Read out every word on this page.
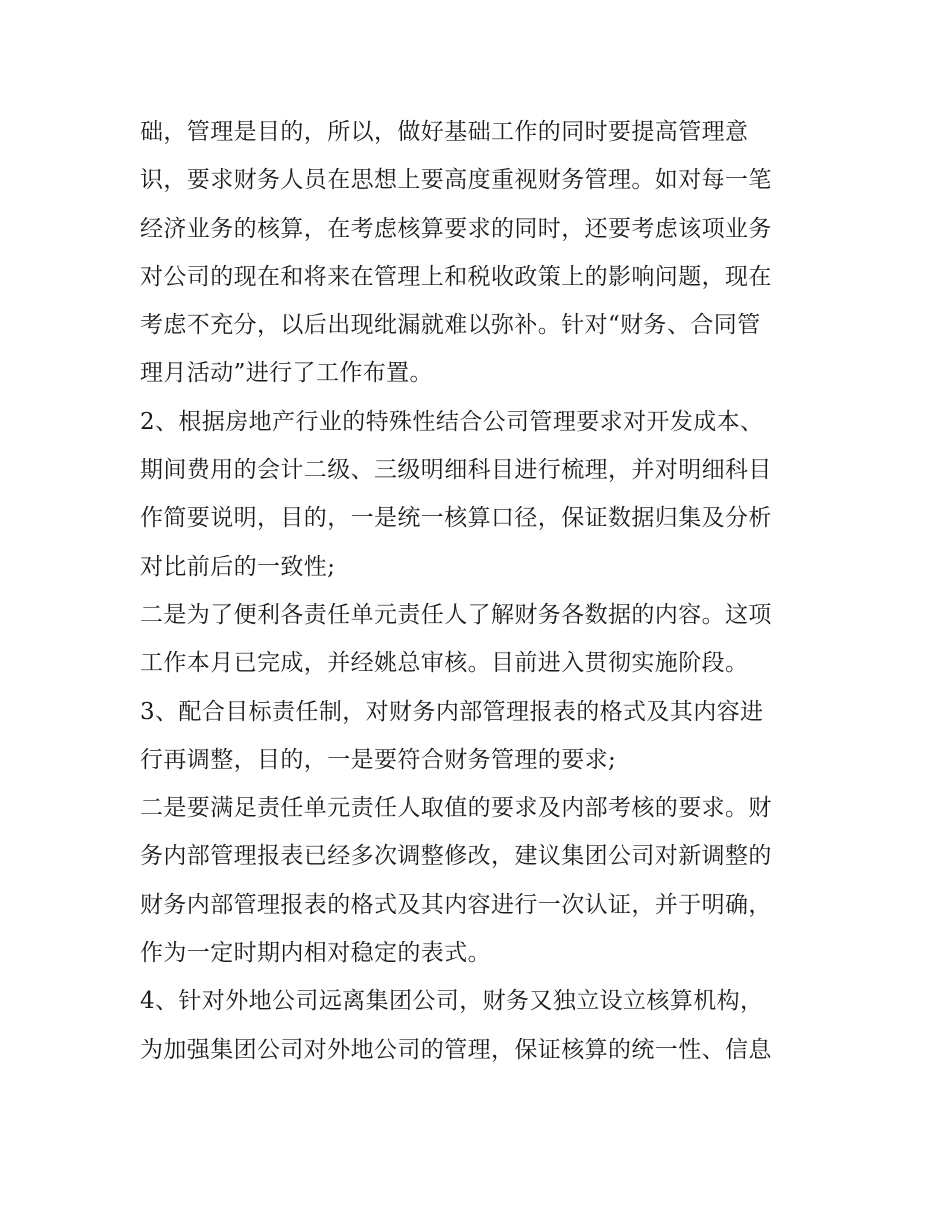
础，管理是目的，所以，做好基础工作的同时要提高管理意
识，要求财务人员在思想上要高度重视财务管理。如对每一笔
经济业务的核算，在考虑核算要求的同时，还要考虑该项业务
对公司的现在和将来在管理上和税收政策上的影响问题，现在
考虑不充分，以后出现纰漏就难以弥补。针对“财务、合同管
理月活动”进行了工作布置。
2、根据房地产行业的特殊性结合公司管理要求对开发成本、
期间费用的会计二级、三级明细科目进行梳理，并对明细科目
作简要说明，目的，一是统一核算口径，保证数据归集及分析
对比前后的一致性;
二是为了便利各责任单元责任人了解财务各数据的内容。这项
工作本月已完成，并经姚总审核。目前进入贯彻实施阶段。
3、配合目标责任制，对财务内部管理报表的格式及其内容进
行再调整，目的，一是要符合财务管理的要求;
二是要满足责任单元责任人取值的要求及内部考核的要求。财
务内部管理报表已经多次调整修改，建议集团公司对新调整的
财务内部管理报表的格式及其内容进行一次认证，并于明确，
作为一定时期内相对稳定的表式。
4、针对外地公司远离集团公司，财务又独立设立核算机构，
为加强集团公司对外地公司的管理，保证核算的统一性、信息
